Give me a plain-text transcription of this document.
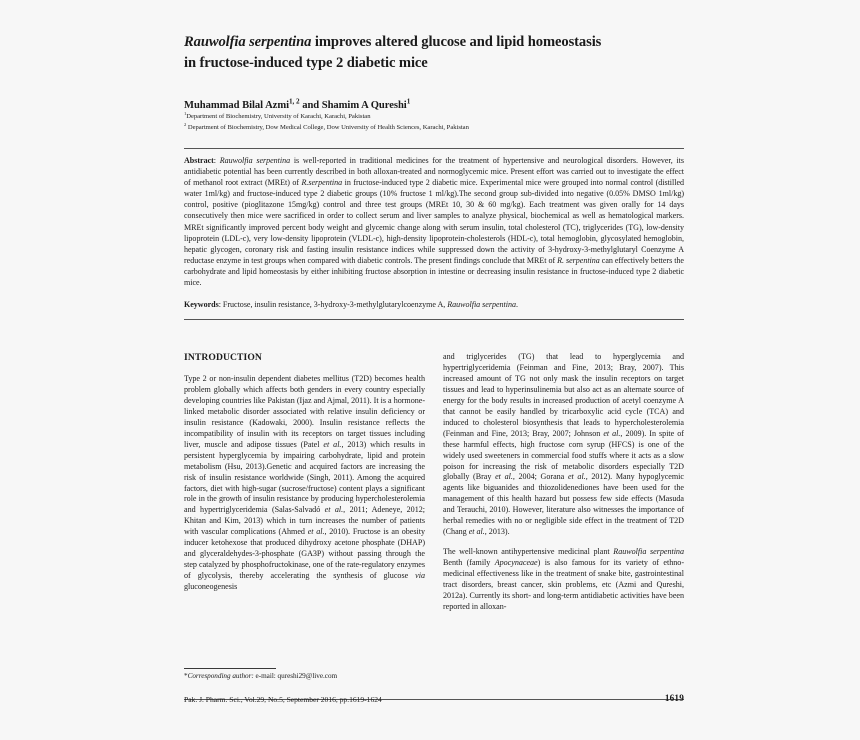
Rauwolfia serpentina improves altered glucose and lipid homeostasis
in fructose-induced type 2 diabetic mice
Muhammad Bilal Azmi$^{1, 2}$ and Shamim A Qureshi$^1$
$^1$Department of Biochemistry, University of Karachi, Karachi, Pakistan
$^2$ Department of Biochemistry, Dow Medical College, Dow University of Health Sciences, Karachi, Pakistan

Abstract: Rauwolfia serpentina is well-reported in traditional medicines for the treatment of hypertensive and neurological disorders. However, its antidiabetic potential has been currently described in both alloxan-treated and normoglycemic mice. Present effort was carried out to investigate the effect of methanol root extract (MREt) of R.serpentina in fructose-induced type 2 diabetic mice. Experimental mice were grouped into normal control (distilled water 1ml/kg) and fructose-induced type 2 diabetic groups (10% fructose 1 ml/kg).The second group sub-divided into negative (0.05% DMSO 1ml/kg) control, positive (pioglitazone 15mg/kg) control and three test groups (MREt 10, 30 & 60 mg/kg). Each treatment was given orally for 14 days consecutively then mice were sacrificed in order to collect serum and liver samples to analyze physical, biochemical as well as hematological markers. MREt significantly improved percent body weight and glycemic change along with serum insulin, total cholesterol (TC), triglycerides (TG), low-density lipoprotein (LDL-c), very low-density lipoprotein (VLDL-c), high-density lipoprotein-cholesterols (HDL-c), total hemoglobin, glycosylated hemoglobin, hepatic glycogen, coronary risk and fasting insulin resistance indices while suppressed down the activity of 3-hydroxy-3-methylglutaryl Coenzyme A reductase enzyme in test groups when compared with diabetic controls. The present findings conclude that MREt of R. serpentina can effectively betters the carbohydrate and lipid homeostasis by either inhibiting fructose absorption in intestine or decreasing insulin resistance in fructose-induced type 2 diabetic mice.

Keywords: Fructose, insulin resistance, 3-hydroxy-3-methylglutarylcoenzyme A, Rauwolfia serpentina.

INTRODUCTION

Type 2 or non-insulin dependent diabetes mellitus (T2D) becomes health problem globally which affects both genders in every country especially developing countries like Pakistan (Ijaz and Ajmal, 2011). It is a hormone-linked metabolic disorder associated with relative insulin deficiency or insulin resistance (Kadowaki, 2000). Insulin resistance reflects the incompatibility of insulin with its receptors on target tissues including liver, muscle and adipose tissues (Patel et al., 2013) which results in persistent hyperglycemia by impairing carbohydrate, lipid and protein metabolism (Hsu, 2013).Genetic and acquired factors are increasing the risk of insulin resistance worldwide (Singh, 2011). Among the acquired factors, diet with high-sugar (sucrose/fructose) content plays a significant role in the growth of insulin resistance by producing hypercholesterolemia and hypertriglyceridemia (Salas-Salvadó et al., 2011; Adeneye, 2012; Khitan and Kim, 2013) which in turn increases the number of patients with vascular complications (Ahmed et al., 2010). Fructose is an obesity inducer ketohexose that produced dihydroxy acetone phosphate (DHAP) and glyceraldehydes-3-phosphate (GA3P) without passing through the step catalyzed by phosphofructokinase, one of the rate-regulatory enzymes of glycolysis, thereby accelerating the synthesis of glucose via gluconeogenesis

and triglycerides (TG) that lead to hyperglycemia and hypertriglyceridemia (Feinman and Fine, 2013; Bray, 2007). This increased amount of TG not only mask the insulin receptors on target tissues and lead to hyperinsulinemia but also act as an alternate source of energy for the body results in increased production of acetyl coenzyme A that cannot be easily handled by tricarboxylic acid cycle (TCA) and induced to cholesterol biosynthesis that leads to hypercholesterolemia (Feinman and Fine, 2013; Bray, 2007; Johnson et al., 2009). In spite of these harmful effects, high fructose corn syrup (HFCS) is one of the widely used sweeteners in commercial food stuffs where it acts as a slow poison for increasing the risk of metabolic disorders especially T2D globally (Bray et al., 2004; Gorana et al., 2012). Many hypoglycemic agents like biguanides and thiozolidenediones have been used for the management of this health hazard but possess few side effects (Masuda and Terauchi, 2010). However, literature also witnesses the importance of herbal remedies with no or negligible side effect in the treatment of T2D (Chang et al., 2013).

The well-known antihypertensive medicinal plant Rauwolfia serpentina Benth (family Apocynaceae) is also famous for its variety of ethno-medicinal effectiveness like in the treatment of snake bite, gastrointestinal tract disorders, breast cancer, skin problems, etc (Azmi and Qureshi, 2012a). Currently its short- and long-term antidiabetic activities have been reported in alloxan-

*Corresponding author: e-mail: qureshi29@live.com
Pak. J. Pharm. Sci., Vol.29, No.5, September 2016, pp.1619-1624	1619
